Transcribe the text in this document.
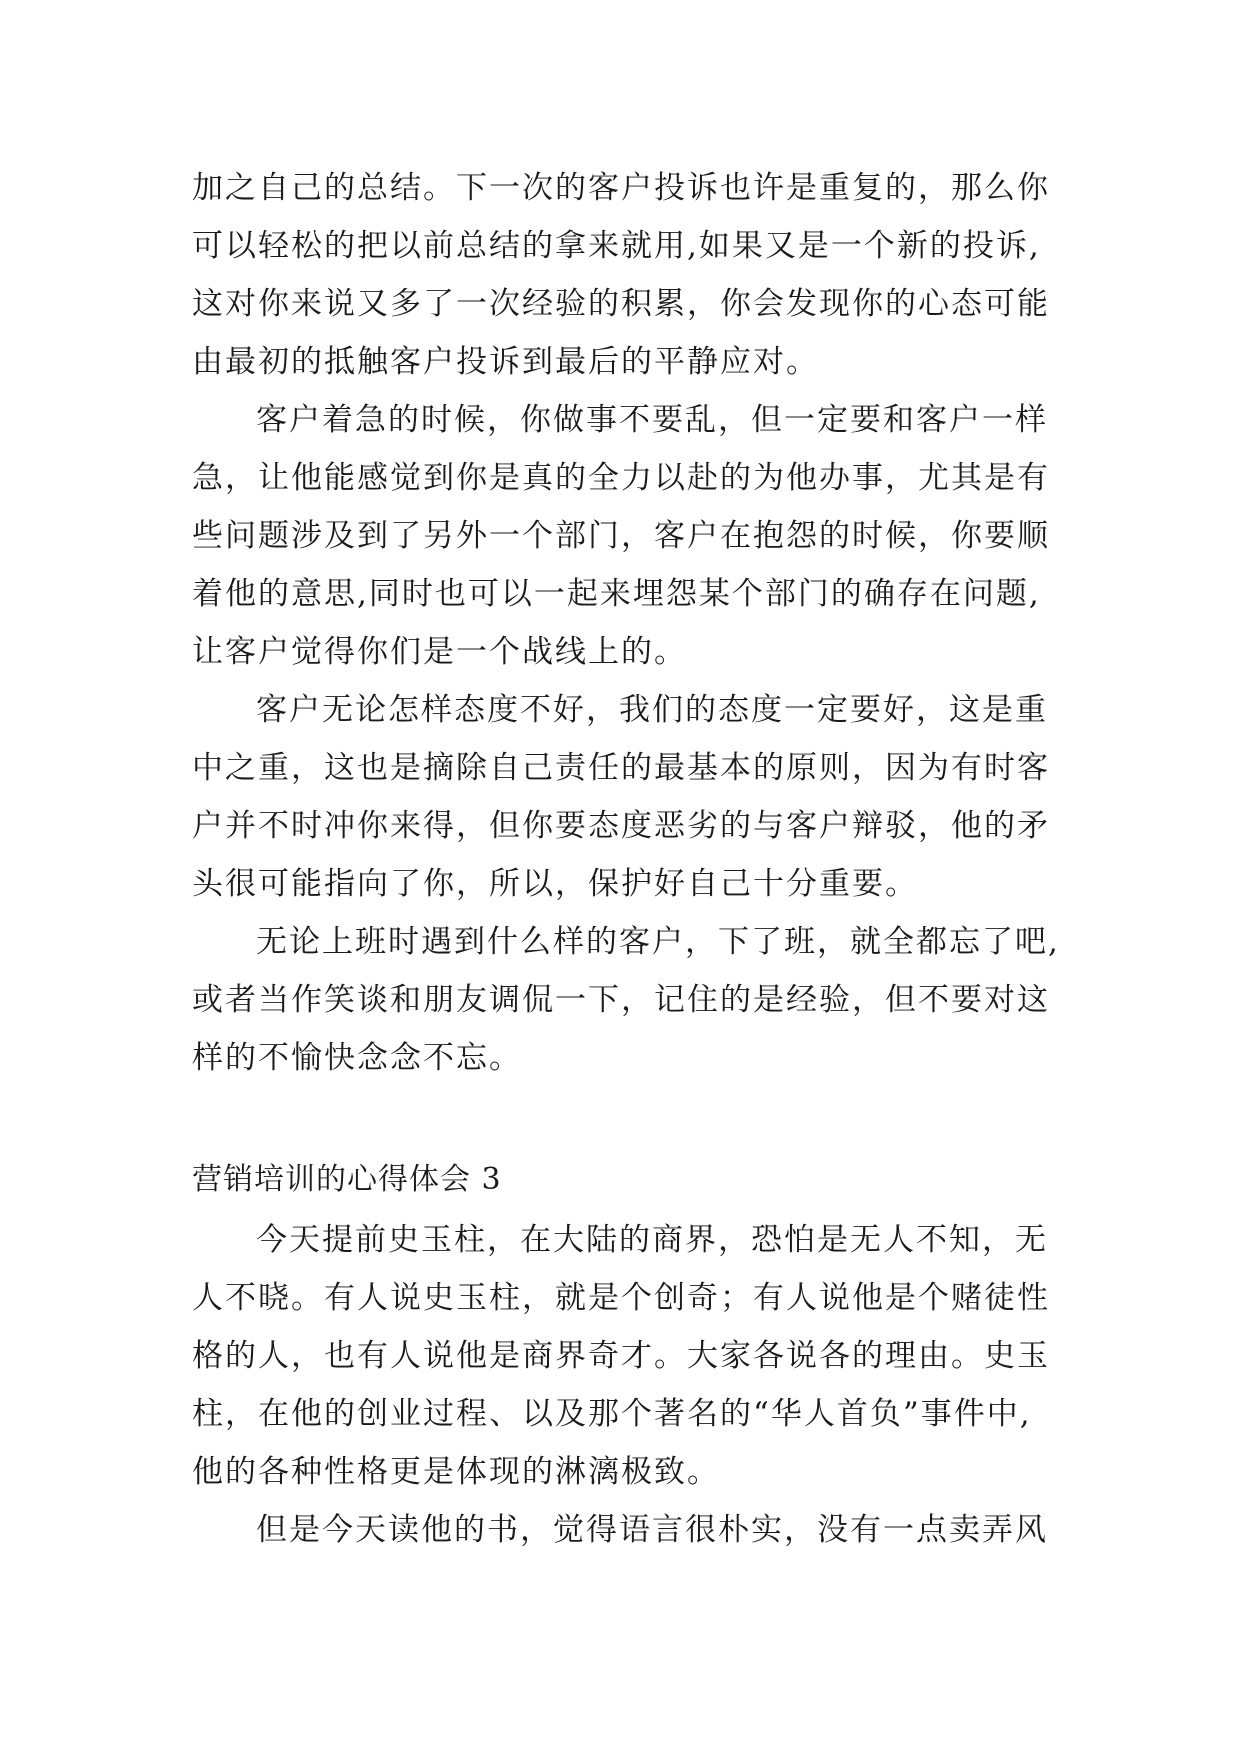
加之自己的总结。下一次的客户投诉也许是重复的，那么你
可以轻松的把以前总结的拿来就用,如果又是一个新的投诉,
这对你来说又多了一次经验的积累，你会发现你的心态可能
由最初的抵触客户投诉到最后的平静应对。
客户着急的时候，你做事不要乱，但一定要和客户一样
急，让他能感觉到你是真的全力以赴的为他办事，尤其是有
些问题涉及到了另外一个部门，客户在抱怨的时候，你要顺
着他的意思,同时也可以一起来埋怨某个部门的确存在问题,
让客户觉得你们是一个战线上的。
客户无论怎样态度不好，我们的态度一定要好，这是重
中之重，这也是摘除自己责任的最基本的原则，因为有时客
户并不时冲你来得，但你要态度恶劣的与客户辩驳，他的矛
头很可能指向了你，所以，保护好自己十分重要。
无论上班时遇到什么样的客户，下了班，就全都忘了吧,
或者当作笑谈和朋友调侃一下，记住的是经验，但不要对这
样的不愉快念念不忘。
营销培训的心得体会 3
今天提前史玉柱，在大陆的商界，恐怕是无人不知，无
人不晓。有人说史玉柱，就是个创奇；有人说他是个赌徒性
格的人，也有人说他是商界奇才。大家各说各的理由。史玉
柱，在他的创业过程、以及那个著名的“华人首负”事件中,
他的各种性格更是体现的淋漓极致。
但是今天读他的书，觉得语言很朴实，没有一点卖弄风
